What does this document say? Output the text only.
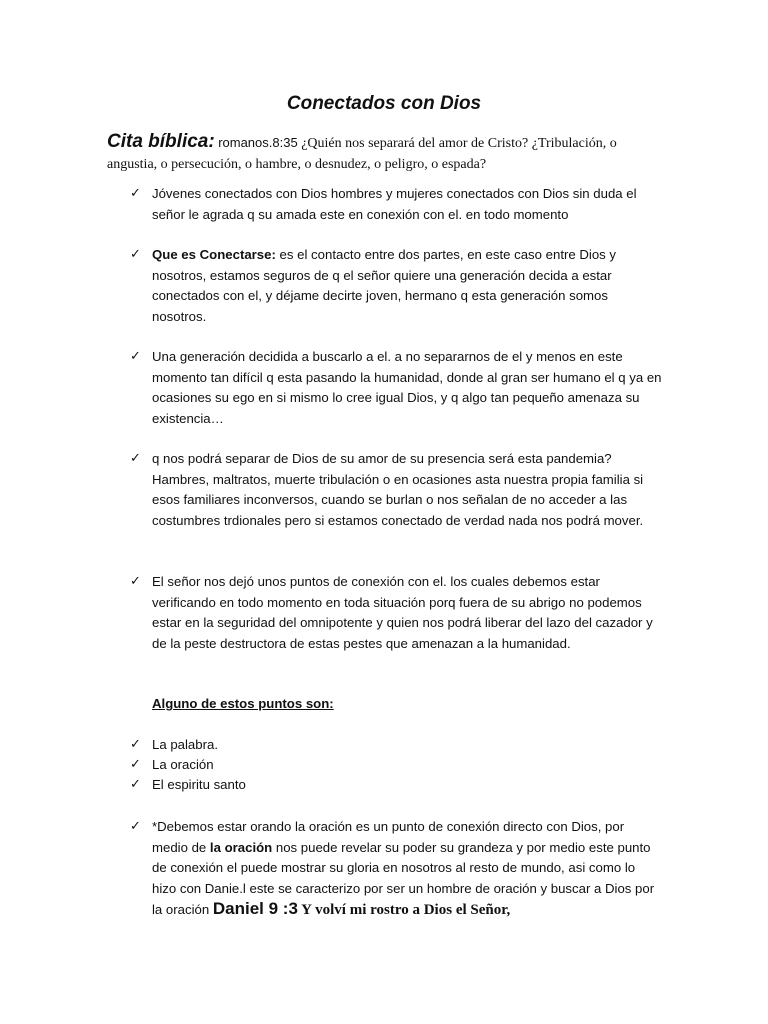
Conectados con Dios

Cita bíblica: romanos.8:35 ¿Quién nos separará del amor de Cristo? ¿Tribulación, o angustia, o persecución, o hambre, o desnudez, o peligro, o espada?

✓ Jóvenes conectados con Dios hombres y mujeres conectados con Dios sin duda el señor le agrada q su amada este en conexión con el. en todo momento

✓ Que es Conectarse: es el contacto entre dos partes, en este caso entre Dios y nosotros, estamos seguros de q el señor quiere una generación decida a estar conectados con el, y déjame decirte joven, hermano q esta generación somos nosotros.

✓ Una generación decidida a buscarlo a el. a no separarnos de el y menos en este momento tan difícil q esta pasando la humanidad, donde al gran ser humano el q ya en ocasiones su ego en si mismo lo cree igual Dios, y q algo tan pequeño amenaza su existencia…

✓ q nos podrá separar de Dios de su amor de su presencia será esta pandemia? Hambres, maltratos, muerte tribulación o en ocasiones asta nuestra propia familia si esos familiares inconversos, cuando se burlan o nos señalan de no acceder a las costumbres trdionales pero si estamos conectado de verdad nada nos podrá mover.

✓ El señor nos dejó unos puntos de conexión con el. los cuales debemos estar verificando en todo momento en toda situación porq fuera de su abrigo no podemos estar en la seguridad del omnipotente y quien nos podrá liberar del lazo del cazador y de la peste destructora de estas pestes que amenazan a la humanidad.

Alguno de estos puntos son:

✓ La palabra.

✓ La oración

✓ El espiritu santo

✓ *Debemos estar orando la oración es un punto de conexión directo con Dios, por medio de la oración nos puede revelar su poder su grandeza y por medio este punto de conexión el puede mostrar su gloria en nosotros al resto de mundo, asi como lo hizo con Danie.l este se caracterizo por ser un hombre de oración y buscar a Dios por la oración Daniel 9 :3 Y volví mi rostro a Dios el Señor,
